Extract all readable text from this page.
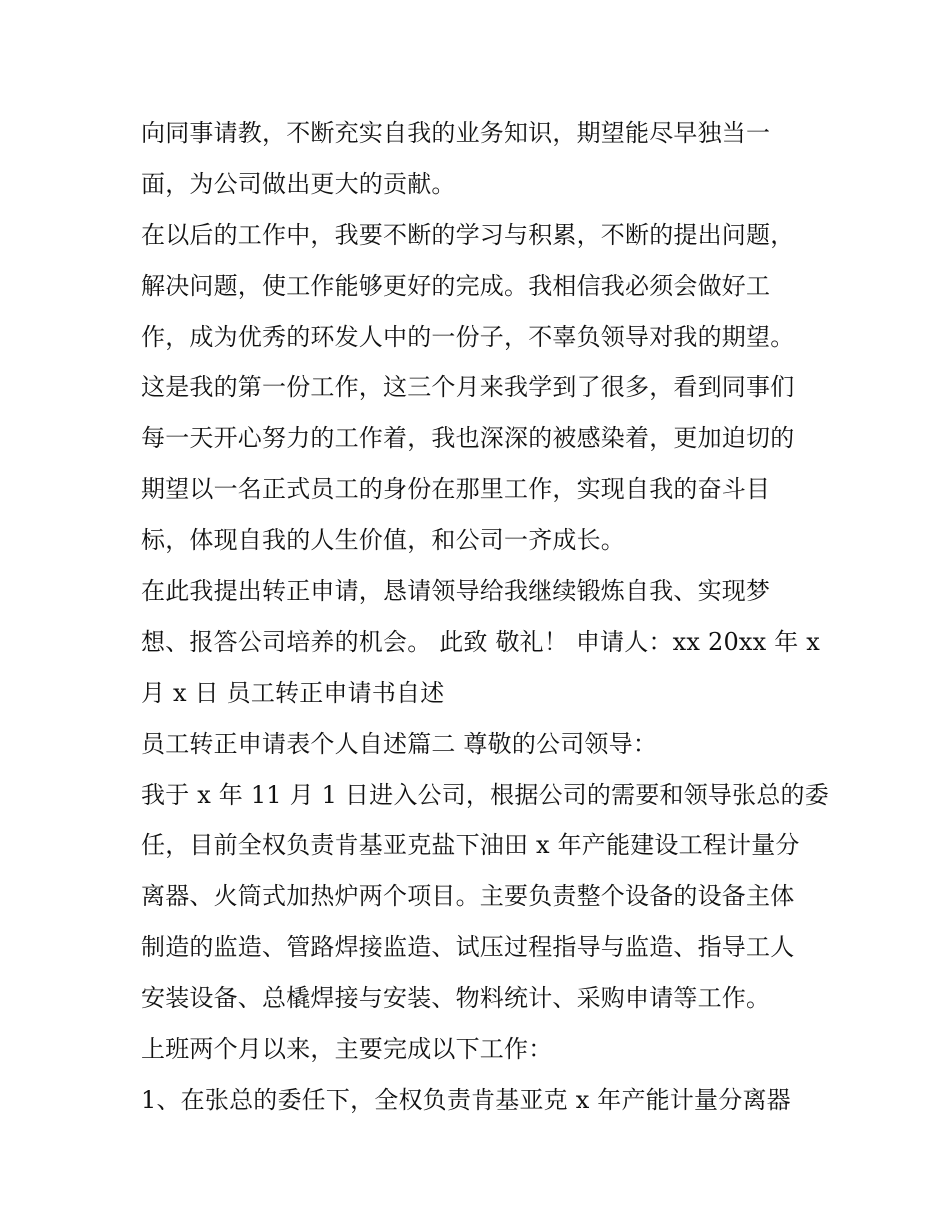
向同事请教，不断充实自我的业务知识，期望能尽早独当一
面，为公司做出更大的贡献。
在以后的工作中，我要不断的学习与积累，不断的提出问题，
解决问题，使工作能够更好的完成。我相信我必须会做好工
作，成为优秀的环发人中的一份子，不辜负领导对我的期望。
这是我的第一份工作，这三个月来我学到了很多，看到同事们
每一天开心努力的工作着，我也深深的被感染着，更加迫切的
期望以一名正式员工的身份在那里工作，实现自我的奋斗目
标，体现自我的人生价值，和公司一齐成长。
在此我提出转正申请，恳请领导给我继续锻炼自我、实现梦
想、报答公司培养的机会。 此致 敬礼！ 申请人：xx 20xx 年 x
月 x 日 员工转正申请书自述
员工转正申请表个人自述篇二 尊敬的公司领导：
我于 x 年 11 月 1 日进入公司，根据公司的需要和领导张总的委
任，目前全权负责肯基亚克盐下油田 x 年产能建设工程计量分
离器、火筒式加热炉两个项目。主要负责整个设备的设备主体
制造的监造、管路焊接监造、试压过程指导与监造、指导工人
安装设备、总橇焊接与安装、物料统计、采购申请等工作。
上班两个月以来，主要完成以下工作：
1、在张总的委任下，全权负责肯基亚克 x 年产能计量分离器
